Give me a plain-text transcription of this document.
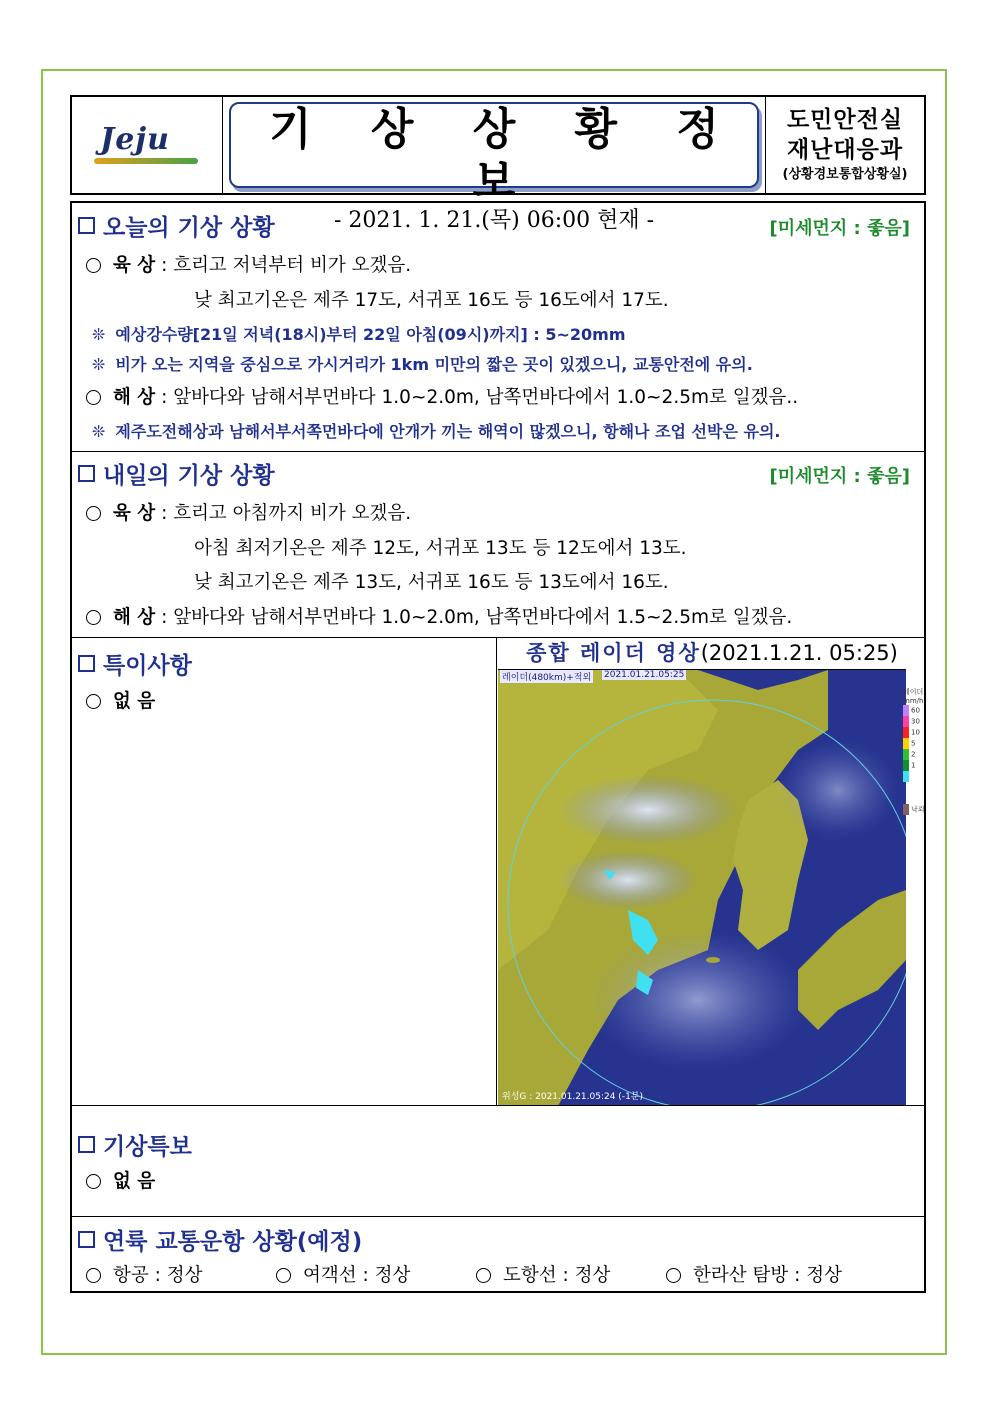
Jeju	기 상 상 황 정 보
- 2021. 1. 21.(목) 06:00 현재 -
도민안전실
재난대응과
(상황경보통합상황실)
오늘의 기상 상황	[미세먼지 : 좋음]
육 상 : 흐리고 저녁부터 비가 오겠음.
낮 최고기온은 제주 17도, 서귀포 16도 등 16도에서 17도.
❊ 예상강수량[21일 저녁(18시)부터 22일 아침(09시)까지] : 5~20mm
❊ 비가 오는 지역을 중심으로 가시거리가 1km 미만의 짧은 곳이 있겠으니, 교통안전에 유의.
해 상 : 앞바다와 남해서부먼바다 1.0~2.0m, 남쪽먼바다에서 1.0~2.5m로 일겠음..
❊ 제주도전해상과 남해서부서쪽먼바다에 안개가 끼는 해역이 많겠으니, 항해나 조업 선박은 유의.
내일의 기상 상황	[미세먼지 : 좋음]
육 상 : 흐리고 아침까지 비가 오겠음.
아침 최저기온은 제주 12도, 서귀포 13도 등 12도에서 13도.
낮 최고기온은 제주 13도, 서귀포 16도 등 13도에서 16도.
해 상 : 앞바다와 남해서부먼바다 1.0~2.0m, 남쪽먼바다에서 1.5~2.5m로 일겠음.
특이사항
없 음
종합 레이더 영상(2021.1.21. 05:25)
레이더(480km)+적외 2021.01.21.05:25
위성G : 2021.01.21.05:24 (-1분)
레이더
mm/h
60
30
10
5
2
1
낙뢰
기상특보
없 음
연륙 교통운항 상황(예정)
항공 : 정상	여객선 : 정상	도항선 : 정상	한라산 탐방 : 정상
